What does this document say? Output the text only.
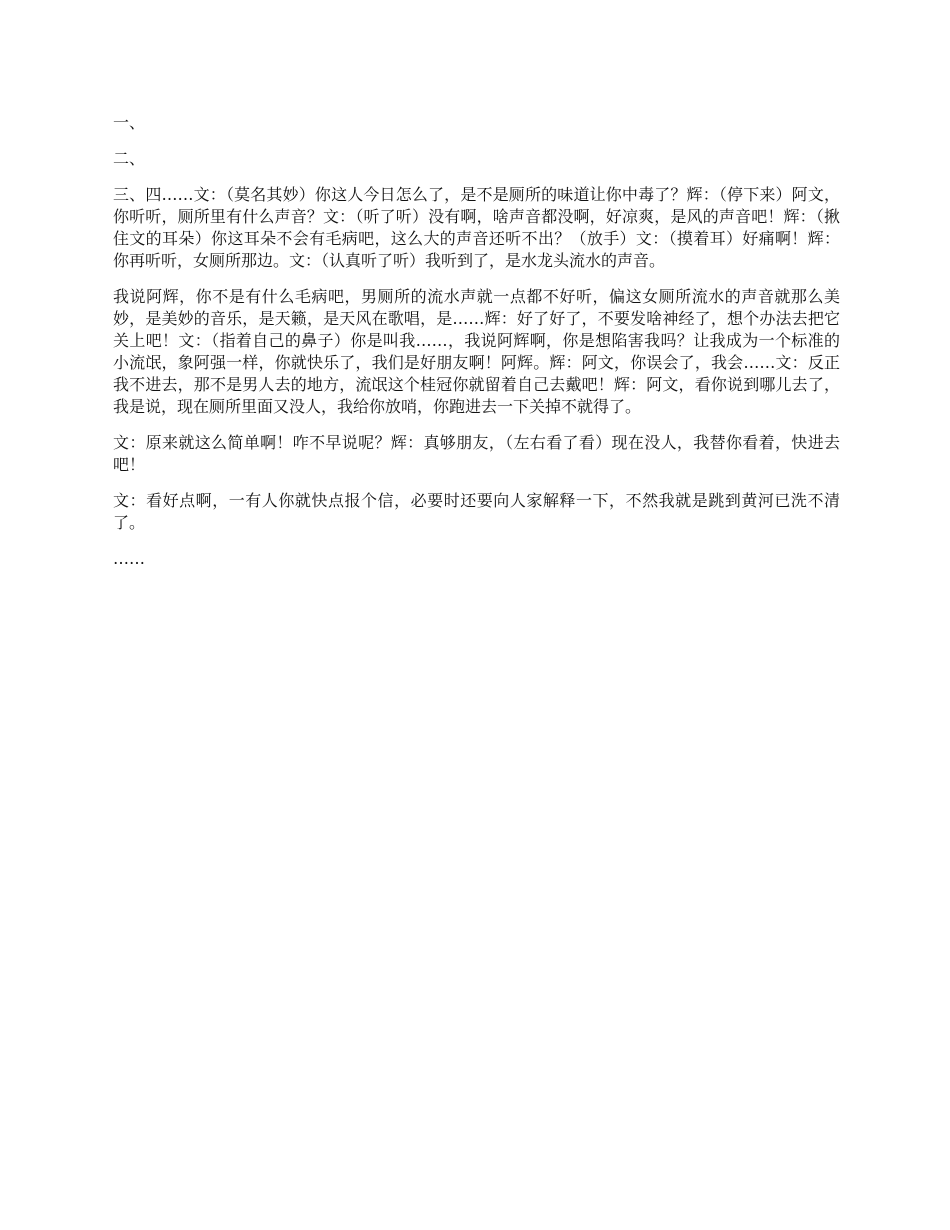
一、

二、

三、四……文：（莫名其妙）你这人今日怎么了，是不是厕所的味道让你中毒了？辉：（停下来）阿文，你听听，厕所里有什么声音？文：（听了听）没有啊，啥声音都没啊，好凉爽，是风的声音吧！辉：（揪住文的耳朵）你这耳朵不会有毛病吧，这么大的声音还听不出？（放手）文：（摸着耳）好痛啊！辉：你再听听，女厕所那边。文：（认真听了听）我听到了，是水龙头流水的声音。

我说阿辉，你不是有什么毛病吧，男厕所的流水声就一点都不好听，偏这女厕所流水的声音就那么美妙，是美妙的音乐，是天籁，是天风在歌唱，是……辉：好了好了，不要发啥神经了，想个办法去把它关上吧！文：（指着自己的鼻子）你是叫我……，我说阿辉啊，你是想陷害我吗？让我成为一个标准的小流氓，象阿强一样，你就快乐了，我们是好朋友啊！阿辉。辉：阿文，你误会了，我会……文：反正我不进去，那不是男人去的地方，流氓这个桂冠你就留着自己去戴吧！辉：阿文，看你说到哪儿去了，我是说，现在厕所里面又没人，我给你放哨，你跑进去一下关掉不就得了。

文：原来就这么简单啊！咋不早说呢？辉：真够朋友，（左右看了看）现在没人，我替你看着，快进去吧！

文：看好点啊，一有人你就快点报个信，必要时还要向人家解释一下，不然我就是跳到黄河已洗不清了。

……
